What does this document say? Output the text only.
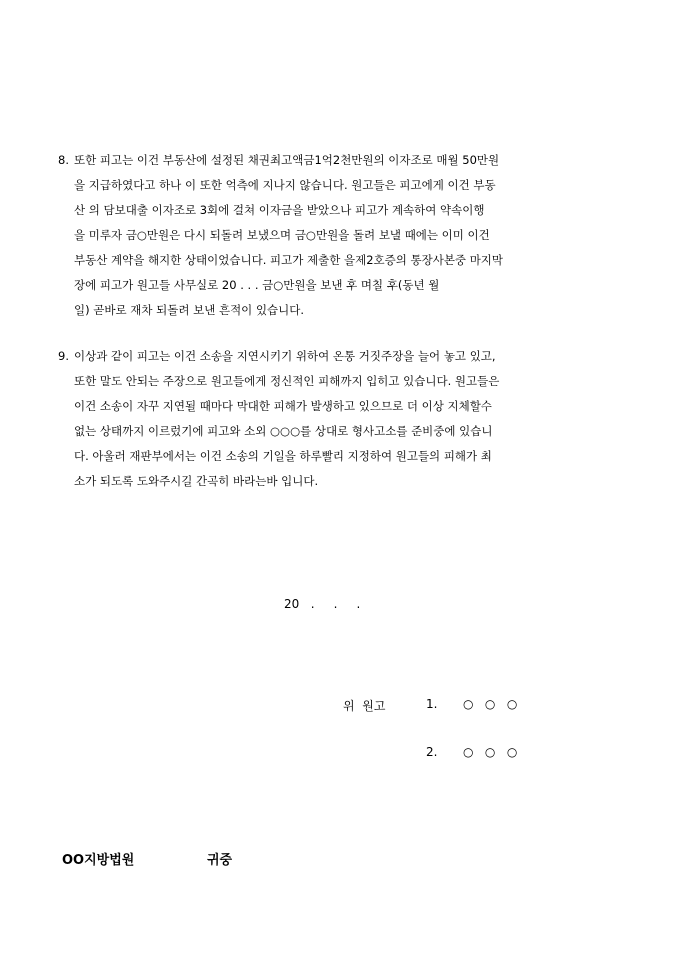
8. 또한 피고는 이건 부동산에 설정된 채권최고액금1억2천만원의 이자조로 매월 50만원
을 지급하였다고 하나 이 또한 억측에 지나지 않습니다. 원고들은 피고에게 이건 부동
산 의 담보대출 이자조로 3회에 걸쳐 이자금을 받았으나 피고가 계속하여 약속이행
을 미루자 금○만원은 다시 되돌려 보냈으며 금○만원을 돌려 보낼 때에는 이미 이건
부동산 계약을 해지한 상태이었습니다. 피고가 제출한 을제2호증의 통장사본중 마지막
장에 피고가 원고들 사무실로 20 . . . 금○만원을 보낸 후 며칠 후(동년 월
일) 곧바로 재차 되돌려 보낸 흔적이 있습니다.
9. 이상과 같이 피고는 이건 소송을 지연시키기 위하여 온통 거짓주장을 늘어 놓고 있고,
또한 말도 안되는 주장으로 원고들에게 정신적인 피해까지 입히고 있습니다. 원고들은
이건 소송이 자꾸 지연될 때마다 막대한 피해가 발생하고 있으므로 더 이상 지체할수
없는 상태까지 이르렀기에 피고와 소외 ○○○를 상대로 형사고소를 준비중에 있습니
다. 아울러 재판부에서는 이건 소송의 기일을 하루빨리 지정하여 원고들의 피해가 최
소가 되도록 도와주시길 간곡히 바라는바 입니다.
20   .     .     .
위  원고	1. ○   ○   ○
2. ○   ○   ○
OO지방법원	귀중
